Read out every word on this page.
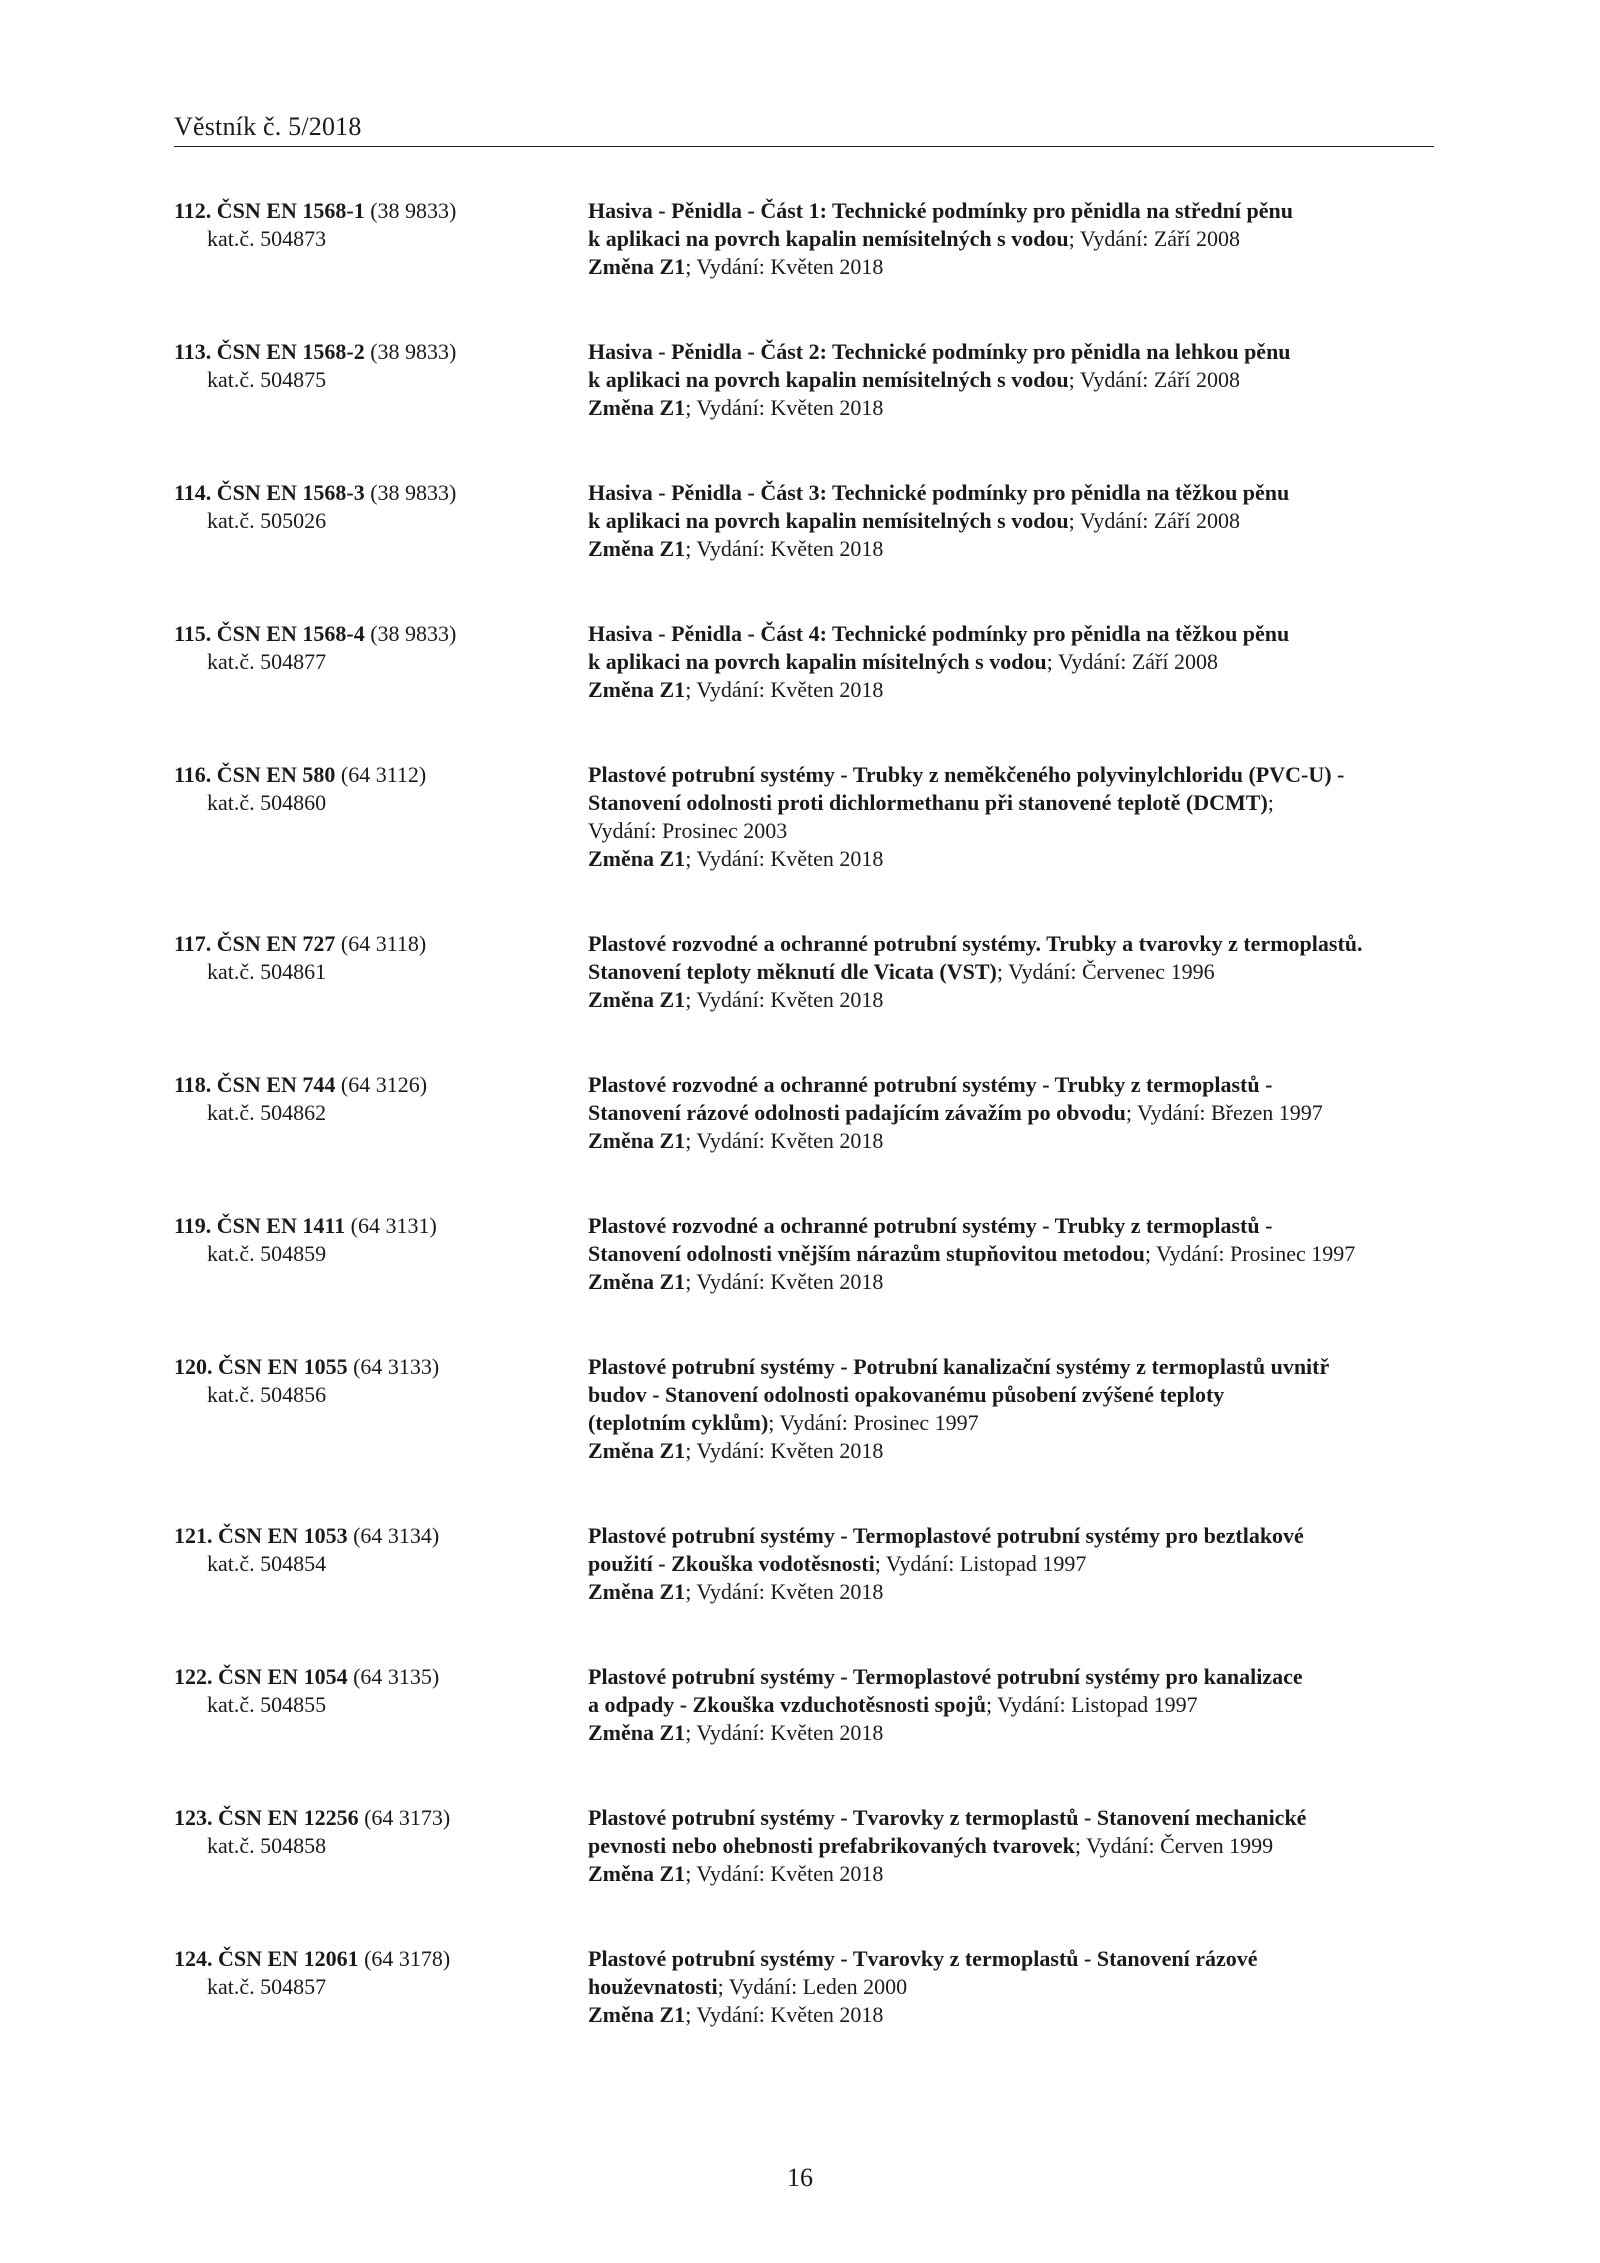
Věstník č. 5/2018
112. ČSN EN 1568-1 (38 9833)
kat.č. 504873
Hasiva - Pěnidla - Část 1: Technické podmínky pro pěnidla na střední pěnu
k aplikaci na povrch kapalin nemísitelných s vodou; Vydání: Září 2008
Změna Z1; Vydání: Květen 2018
113. ČSN EN 1568-2 (38 9833)
kat.č. 504875
Hasiva - Pěnidla - Část 2: Technické podmínky pro pěnidla na lehkou pěnu
k aplikaci na povrch kapalin nemísitelných s vodou; Vydání: Září 2008
Změna Z1; Vydání: Květen 2018
114. ČSN EN 1568-3 (38 9833)
kat.č. 505026
Hasiva - Pěnidla - Část 3: Technické podmínky pro pěnidla na těžkou pěnu
k aplikaci na povrch kapalin nemísitelných s vodou; Vydání: Září 2008
Změna Z1; Vydání: Květen 2018
115. ČSN EN 1568-4 (38 9833)
kat.č. 504877
Hasiva - Pěnidla - Část 4: Technické podmínky pro pěnidla na těžkou pěnu
k aplikaci na povrch kapalin mísitelných s vodou; Vydání: Září 2008
Změna Z1; Vydání: Květen 2018
116. ČSN EN 580 (64 3112)
kat.č. 504860
Plastové potrubní systémy - Trubky z neměkčeného polyvinylchloridu (PVC-U) -
Stanovení odolnosti proti dichlormethanu při stanovené teplotě (DCMT);
Vydání: Prosinec 2003
Změna Z1; Vydání: Květen 2018
117. ČSN EN 727 (64 3118)
kat.č. 504861
Plastové rozvodné a ochranné potrubní systémy. Trubky a tvarovky z termoplastů.
Stanovení teploty měknutí dle Vicata (VST); Vydání: Červenec 1996
Změna Z1; Vydání: Květen 2018
118. ČSN EN 744 (64 3126)
kat.č. 504862
Plastové rozvodné a ochranné potrubní systémy - Trubky z termoplastů -
Stanovení rázové odolnosti padajícím závažím po obvodu; Vydání: Březen 1997
Změna Z1; Vydání: Květen 2018
119. ČSN EN 1411 (64 3131)
kat.č. 504859
Plastové rozvodné a ochranné potrubní systémy - Trubky z termoplastů -
Stanovení odolnosti vnějším nárazům stupňovitou metodou; Vydání: Prosinec 1997
Změna Z1; Vydání: Květen 2018
120. ČSN EN 1055 (64 3133)
kat.č. 504856
Plastové potrubní systémy - Potrubní kanalizační systémy z termoplastů uvnitř
budov - Stanovení odolnosti opakovanému působení zvýšené teploty
(teplotním cyklům); Vydání: Prosinec 1997
Změna Z1; Vydání: Květen 2018
121. ČSN EN 1053 (64 3134)
kat.č. 504854
Plastové potrubní systémy - Termoplastové potrubní systémy pro beztlakové
použití - Zkouška vodotěsnosti; Vydání: Listopad 1997
Změna Z1; Vydání: Květen 2018
122. ČSN EN 1054 (64 3135)
kat.č. 504855
Plastové potrubní systémy - Termoplastové potrubní systémy pro kanalizace
a odpady - Zkouška vzduchotěsnosti spojů; Vydání: Listopad 1997
Změna Z1; Vydání: Květen 2018
123. ČSN EN 12256 (64 3173)
kat.č. 504858
Plastové potrubní systémy - Tvarovky z termoplastů - Stanovení mechanické
pevnosti nebo ohebnosti prefabrikovaných tvarovek; Vydání: Červen 1999
Změna Z1; Vydání: Květen 2018
124. ČSN EN 12061 (64 3178)
kat.č. 504857
Plastové potrubní systémy - Tvarovky z termoplastů - Stanovení rázové
houževnatosti; Vydání: Leden 2000
Změna Z1; Vydání: Květen 2018
16
